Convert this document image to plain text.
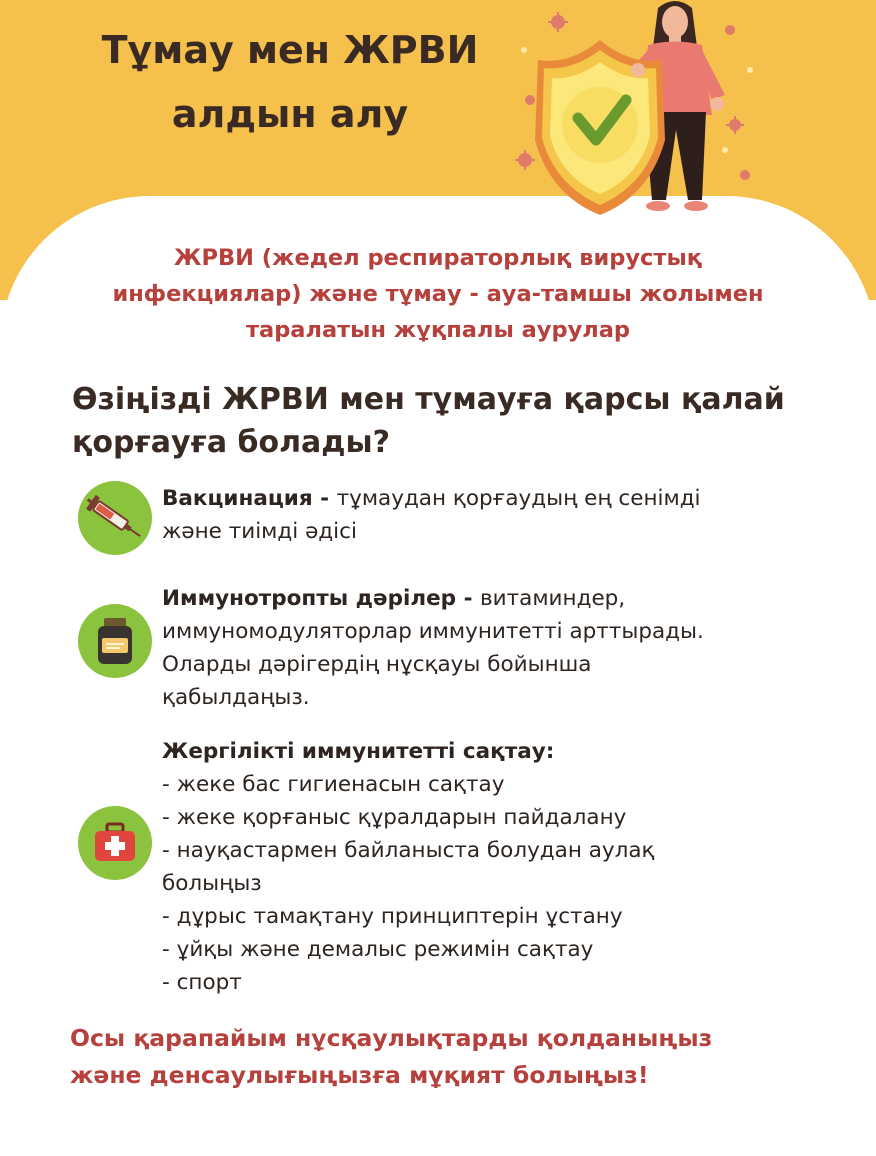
Тұмау мен ЖРВИ
алдын алу
ЖРВИ (жедел респираторлық вирустық
инфекциялар) және тұмау - ауа-тамшы жолымен
таралатын жұқпалы аурулар
Өзіңізді ЖРВИ мен тұмауға қарсы қалай
қорғауға болады?
Вакцинация - тұмаудан қорғаудың ең сенімді
және тиімді әдісі
Иммунотропты дәрілер - витаминдер,
иммуномодуляторлар иммунитетті арттырады.
Оларды дәрігердің нұсқауы бойынша
қабылдаңыз.
Жергілікті иммунитетті сақтау:
- жеке бас гигиенасын сақтау
- жеке қорғаныс құралдарын пайдалану
- науқастармен байланыста болудан аулақ
болыңыз
- дұрыс тамақтану принциптерін ұстану
- ұйқы және демалыс режимін сақтау
- спорт
Осы қарапайым нұсқаулықтарды қолданыңыз
және денсаулығыңызға мұқият болыңыз!
